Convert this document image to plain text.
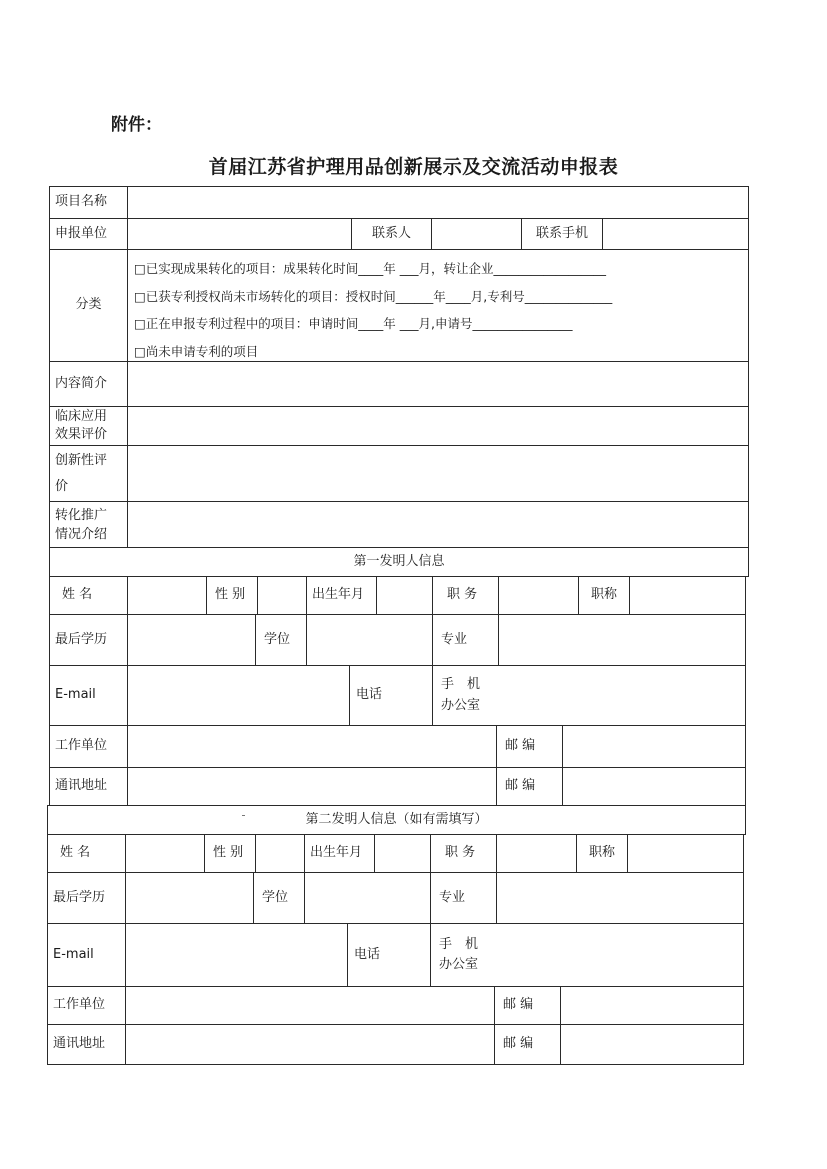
附件：
首届江苏省护理用品创新展示及交流活动申报表
项目名称
申报单位	联系人	联系手机
分类
□已实现成果转化的项目：成果转化时间____年 ___月，转让企业__________________
□已获专利授权尚未市场转化的项目：授权时间______年____月,专利号______________
□正在申报专利过程中的项目：申请时间____年 ___月,申请号________________
□尚未申请专利的项目
内容简介
临床应用效果评价
创新性评价
转化推广情况介绍
第一发明人信息
姓 名	性 别	出生年月	职 务	职称
最后学历	学位	专业
E-mail	电话
手　机
办公室
工作单位	邮 编
通讯地址	邮 编
第二发明人信息（如有需填写）
姓 名	性 别	出生年月	职 务	职称
最后学历	学位	专业
E-mail	电话
手　机
办公室
工作单位	邮 编
通讯地址	邮 编
